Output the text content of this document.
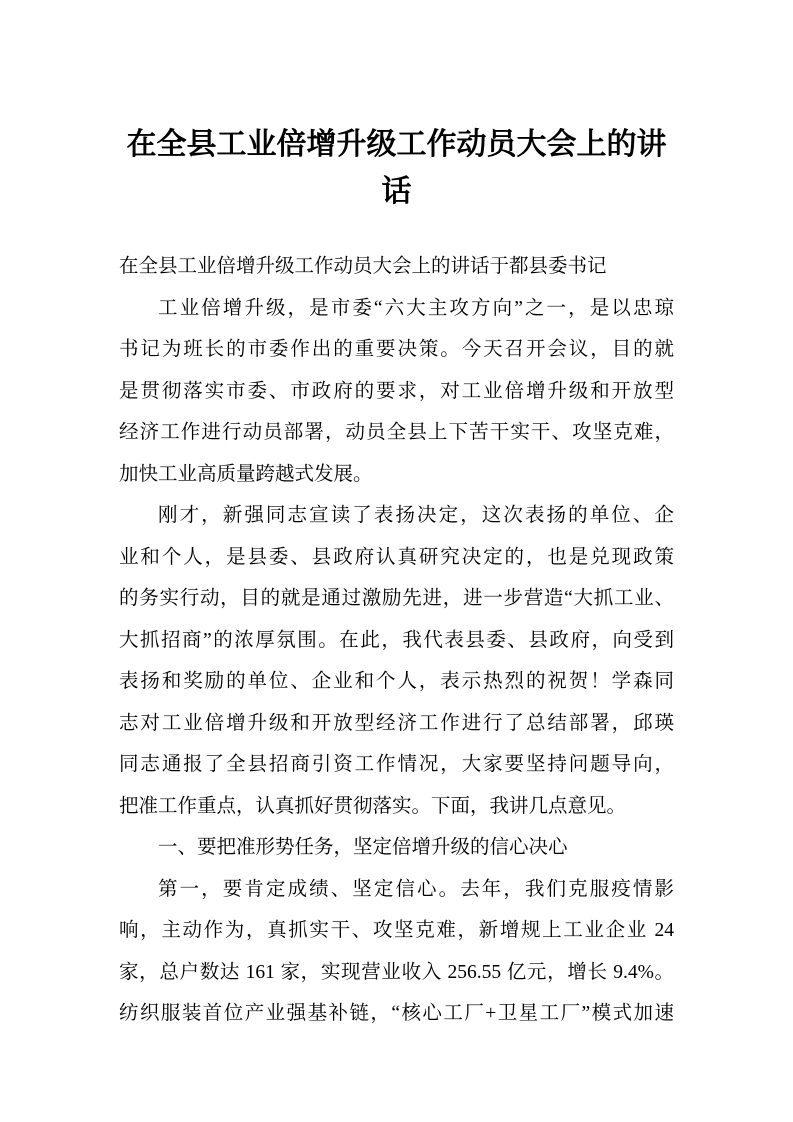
在全县工业倍增升级工作动员大会上的讲
话
在全县工业倍增升级工作动员大会上的讲话于都县委书记
工业倍增升级，是市委“六大主攻方向”之一，是以忠琼
书记为班长的市委作出的重要决策。今天召开会议，目的就
是贯彻落实市委、市政府的要求，对工业倍增升级和开放型
经济工作进行动员部署，动员全县上下苦干实干、攻坚克难，
加快工业高质量跨越式发展。
刚才，新强同志宣读了表扬决定，这次表扬的单位、企
业和个人，是县委、县政府认真研究决定的，也是兑现政策
的务实行动，目的就是通过激励先进，进一步营造“大抓工业、
大抓招商”的浓厚氛围。在此，我代表县委、县政府，向受到
表扬和奖励的单位、企业和个人，表示热烈的祝贺！学森同
志对工业倍增升级和开放型经济工作进行了总结部署，邱瑛
同志通报了全县招商引资工作情况，大家要坚持问题导向，
把准工作重点，认真抓好贯彻落实。下面，我讲几点意见。
一、要把准形势任务，坚定倍增升级的信心决心
第一，要肯定成绩、坚定信心。去年，我们克服疫情影
响，主动作为，真抓实干、攻坚克难，新增规上工业企业 24
家，总户数达 161 家，实现营业收入 256.55 亿元，增长 9.4%。
纺织服装首位产业强基补链，“核心工厂+卫星工厂”模式加速
